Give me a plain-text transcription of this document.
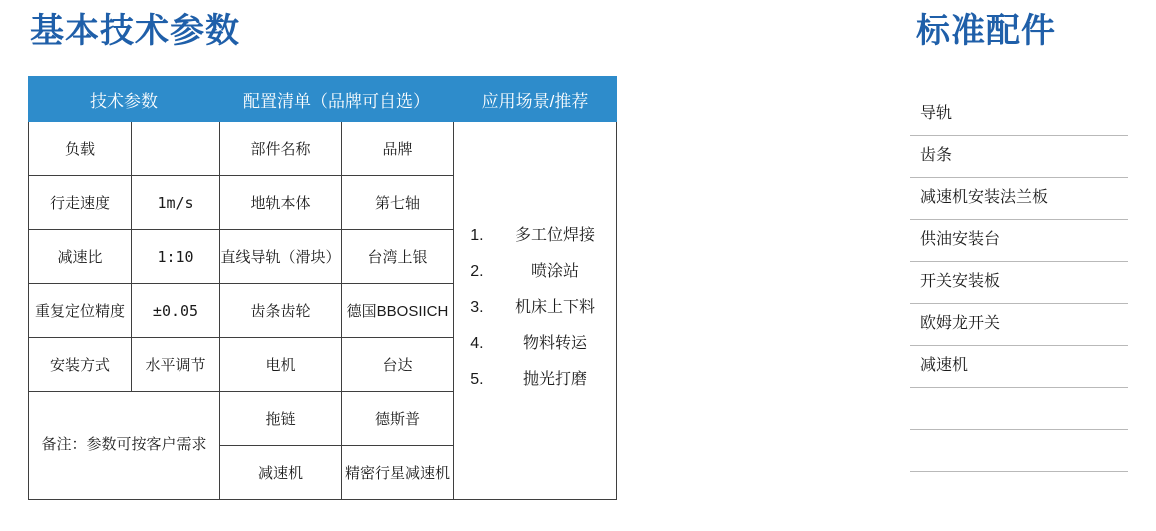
基本技术参数
技术参数		配置清单（品牌可自选）		应用场景/推荐
负载		部件名称	品牌	
1. 多工位焊接
2. 喷涂站
3. 机床上下料
4. 物料转运
5. 抛光打磨

行走速度	1m/s	地轨本体	第七轴	
减速比	1:10	直线导轨（滑块）	台湾上银	
重复定位精度	±0.05	齿条齿轮	德国BBOSIICH	
安装方式	水平调节	电机	台达	
备注：参数可按客户需求		拖链	德斯普	
		减速机	精密行星减速机	
标准配件
导轨
齿条
减速机安装法兰板
供油安装台
开关安装板
欧姆龙开关
减速机
